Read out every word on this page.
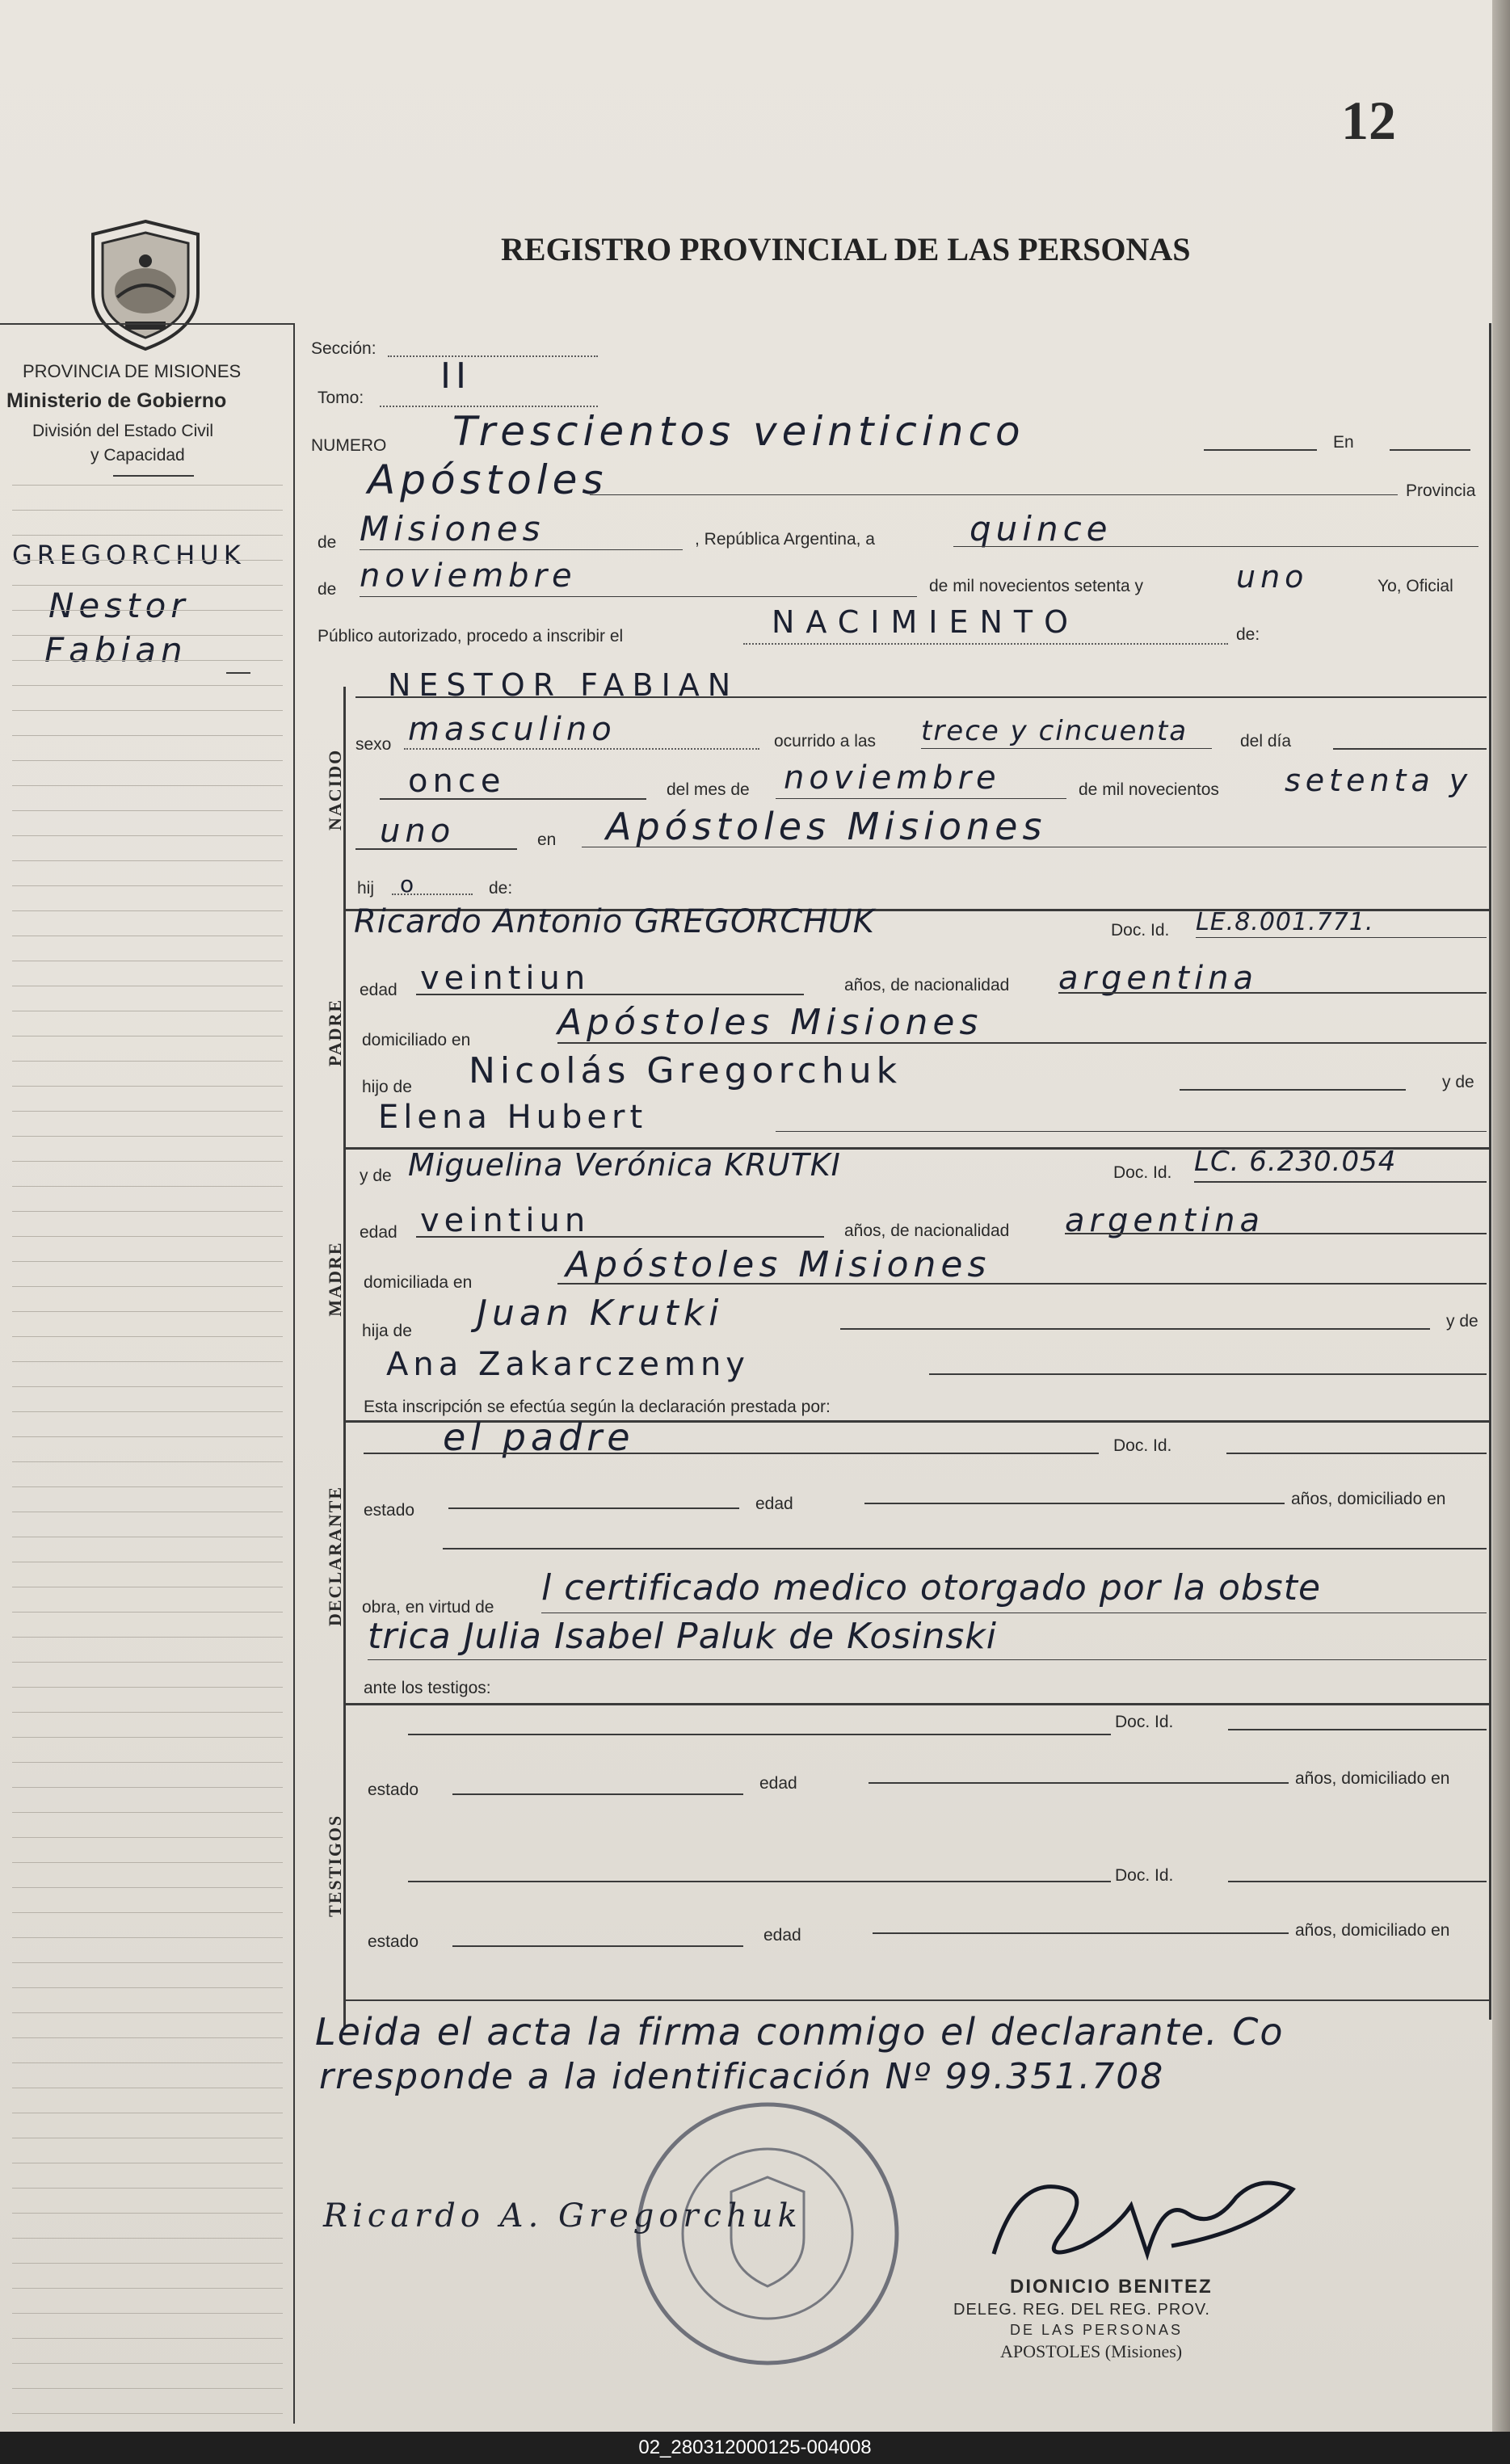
12
REGISTRO PROVINCIAL DE LAS PERSONAS
PROVINCIA DE MISIONES
Ministerio de Gobierno
División del Estado Civil
y Capacidad
GREGORCHUK
Nestor
Fabian
Sección:
Tomo:
II
NUMERO Trescientos veinticinco	En
Apóstoles	Provincia
de Misiones	, República Argentina, a	quince
de noviembre	de mil novecientos setenta y	uno	Yo, Oficial
Público autorizado, procedo a inscribir el	NACIMIENTO	de:
NACIDO
NESTOR FABIAN
sexo masculino	ocurrido a las trece y cincuenta	del día
once	del mes de noviembre	de mil novecientos setenta y
uno	en Apóstoles Misiones
hij o	de:
PADRE
Ricardo Antonio GREGORCHUK	Doc. Id. LE.8.001.771.
edad veintiun	años, de nacionalidad argentina
domiciliado en Apóstoles Misiones
hijo de Nicolás Gregorchuk	y de
Elena Hubert
MADRE
y de Miguelina Verónica KRUTKI	Doc. Id. LC. 6.230.054
edad veintiun	años, de nacionalidad argentina
domiciliada en	Apóstoles Misiones
hija de Juan Krutki	y de
Ana Zakarczemny
Esta inscripción se efectúa según la declaración prestada por:
DECLARANTE
el padre	Doc. Id.
estado	edad	años, domiciliado en
obra, en virtud de l certificado medico otorgado por la obste
trica Julia Isabel Paluk de Kosinski
ante los testigos:
TESTIGOS
Doc. Id.
estado	edad	años, domiciliado en
Doc. Id.
estado	edad	años, domiciliado en
Leida el acta la firma conmigo el declarante. Co
rresponde a la identificación Nº 99.351.708
Ricardo A. Gregorchuk
DIONICIO BENITEZ
DELEG. REG. DEL REG. PROV.
DE LAS PERSONAS
APOSTOLES (Misiones)
02_280312000125-004008
